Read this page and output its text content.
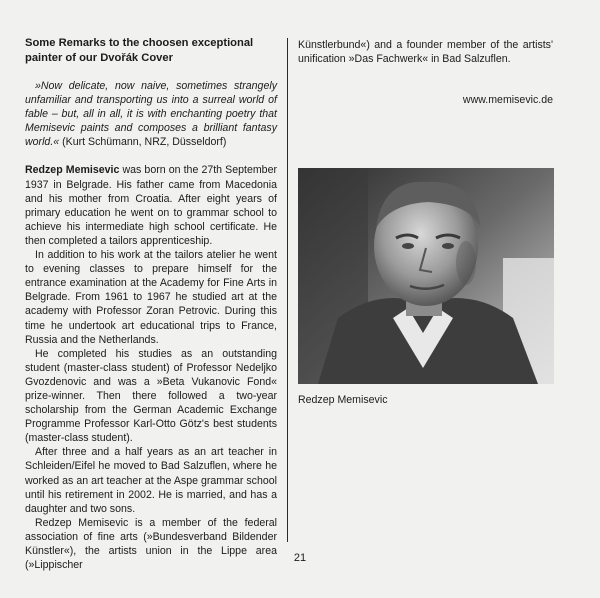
Some Remarks to the choosen exceptional painter of our Dvořák Cover

»Now delicate, now naive, sometimes strangely unfamiliar and transporting us into a surreal world of fable – but, all in all, it is with enchanting poetry that Memisevic paints and composes a brilliant fantasy world.« (Kurt Schümann, NRZ, Düsseldorf)

Redzep Memisevic was born on the 27th September 1937 in Belgrade. His father came from Macedonia and his mother from Croatia. After eight years of primary education he went on to grammar school to achieve his intermediate high school certificate. He then completed a tailors apprenticeship.

In addition to his work at the tailors atelier he went to evening classes to prepare himself for the entrance examination at the Academy for Fine Arts in Belgrade. From 1961 to 1967 he studied art at the academy with Professor Zoran Petrovic. During this time he undertook art educational trips to France, Russia and the Netherlands.

He completed his studies as an outstanding student (master-class student) of Professor Nedeljko Gvozdenovic and was a »Beta Vukanovic Fond« prize-winner. Then there followed a two-year scholarship from the German Academic Exchange Programme Professor Karl-Otto Götz's best students (master-class student).

After three and a half years as an art teacher in Schleiden/Eifel he moved to Bad Salzuflen, where he worked as an art teacher at the Aspe grammar school until his retirement in 2002. He is married, and has a daughter and two sons.

Redzep Memisevic is a member of the federal association of fine arts (»Bundesverband Bildender Künstler«), the artists union in the Lippe area (»Lippischer

Künstlerbund«) and a founder member of the artists' unification »Das Fachwerk« in Bad Salzuflen.

www.memisevic.de
Redzep Memisevic
21
